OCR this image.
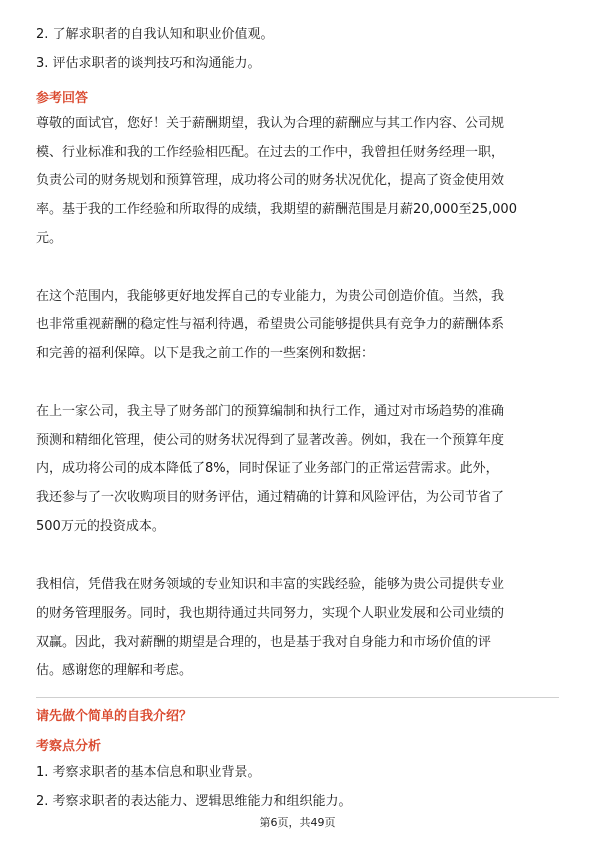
2. 了解求职者的自我认知和职业价值观。
3. 评估求职者的谈判技巧和沟通能力。
参考回答
尊敬的面试官，您好！关于薪酬期望，我认为合理的薪酬应与其工作内容、公司规
模、行业标准和我的工作经验相匹配。在过去的工作中，我曾担任财务经理一职，
负责公司的财务规划和预算管理，成功将公司的财务状况优化，提高了资金使用效
率。基于我的工作经验和所取得的成绩，我期望的薪酬范围是月薪20,000至25,000
元。
在这个范围内，我能够更好地发挥自己的专业能力，为贵公司创造价值。当然，我
也非常重视薪酬的稳定性与福利待遇，希望贵公司能够提供具有竞争力的薪酬体系
和完善的福利保障。以下是我之前工作的一些案例和数据：
在上一家公司，我主导了财务部门的预算编制和执行工作，通过对市场趋势的准确
预测和精细化管理，使公司的财务状况得到了显著改善。例如，我在一个预算年度
内，成功将公司的成本降低了8%，同时保证了业务部门的正常运营需求。此外，
我还参与了一次收购项目的财务评估，通过精确的计算和风险评估，为公司节省了
500万元的投资成本。
我相信，凭借我在财务领域的专业知识和丰富的实践经验，能够为贵公司提供专业
的财务管理服务。同时，我也期待通过共同努力，实现个人职业发展和公司业绩的
双赢。因此，我对薪酬的期望是合理的，也是基于我对自身能力和市场价值的评
估。感谢您的理解和考虑。
请先做个简单的自我介绍？
考察点分析
1. 考察求职者的基本信息和职业背景。
2. 考察求职者的表达能力、逻辑思维能力和组织能力。
第6页，共49页
